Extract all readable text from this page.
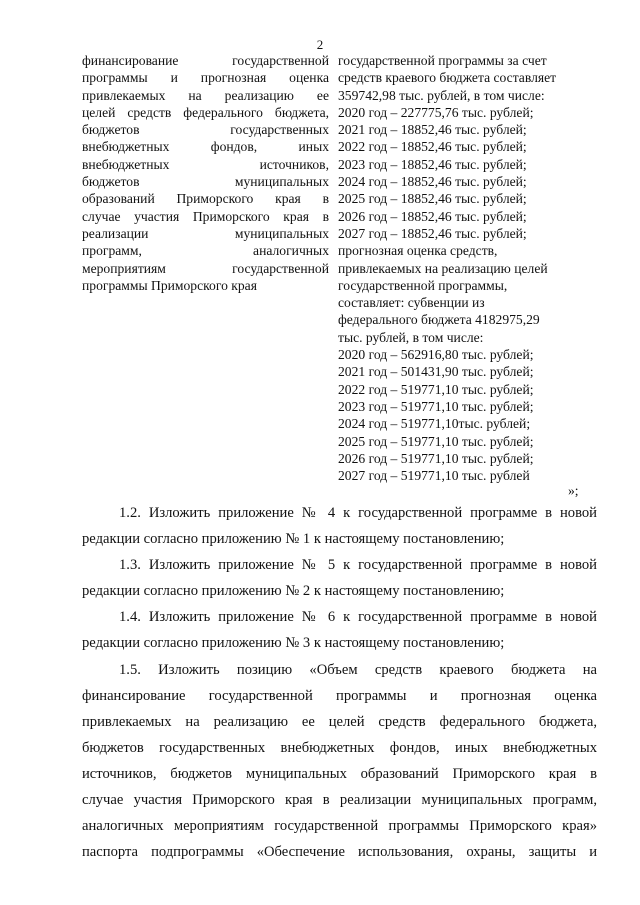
2
финансирование государственной
программы и прогнозная оценка
привлекаемых на реализацию ее
целей средств федерального бюджета,
бюджетов государственных
внебюджетных фондов, иных
внебюджетных источников,
бюджетов муниципальных
образований Приморского края в
случае участия Приморского края в
реализации муниципальных
программ, аналогичных
мероприятиям государственной
программы Приморского края
государственной программы за счет
средств краевого бюджета составляет
359742,98 тыс. рублей, в том числе:
2020 год – 227775,76 тыс. рублей;
2021 год – 18852,46 тыс. рублей;
2022 год – 18852,46 тыс. рублей;
2023 год – 18852,46 тыс. рублей;
2024 год – 18852,46 тыс. рублей;
2025 год – 18852,46 тыс. рублей;
2026 год – 18852,46 тыс. рублей;
2027 год – 18852,46 тыс. рублей;
прогнозная оценка средств,
привлекаемых на реализацию целей
государственной программы,
составляет: субвенции из
федерального бюджета 4182975,29
тыс. рублей, в том числе:
2020 год – 562916,80 тыс. рублей;
2021 год – 501431,90 тыс. рублей;
2022 год – 519771,10 тыс. рублей;
2023 год – 519771,10 тыс. рублей;
2024 год – 519771,10тыс. рублей;
2025 год – 519771,10 тыс. рублей;
2026 год – 519771,10 тыс. рублей;
2027 год – 519771,10 тыс. рублей
»;
1.2. Изложить приложение № 4 к государственной программе в новой
редакции согласно приложению № 1 к настоящему постановлению;
1.3. Изложить приложение № 5 к государственной программе в новой
редакции согласно приложению № 2 к настоящему постановлению;
1.4. Изложить приложение № 6 к государственной программе в новой
редакции согласно приложению № 3 к настоящему постановлению;
1.5. Изложить позицию «Объем средств краевого бюджета на
финансирование государственной программы и прогнозная оценка
привлекаемых на реализацию ее целей средств федерального бюджета,
бюджетов государственных внебюджетных фондов, иных внебюджетных
источников, бюджетов муниципальных образований Приморского края в
случае участия Приморского края в реализации муниципальных программ,
аналогичных мероприятиям государственной программы Приморского края»
паспорта подпрограммы «Обеспечение использования, охраны, защиты и
